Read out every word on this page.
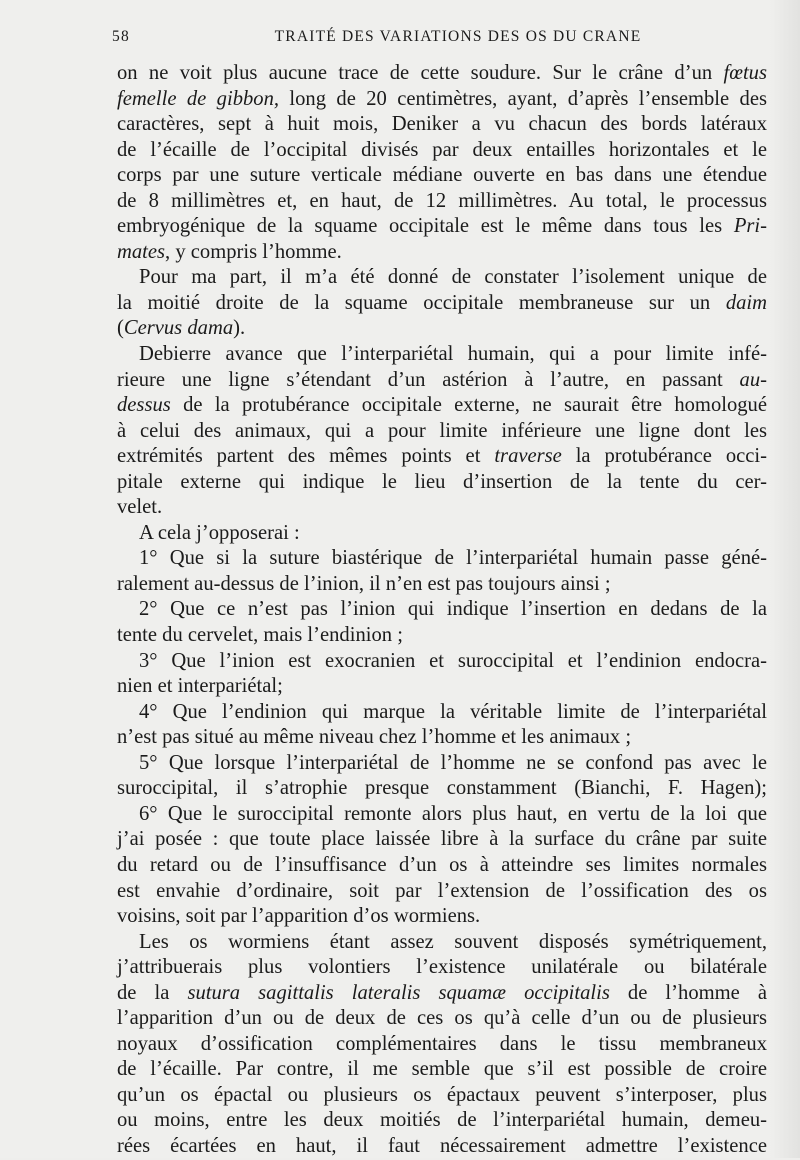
58	TRAITÉ DES VARIATIONS DES OS DU CRANE
on ne voit plus aucune trace de cette soudure. Sur le crâne d’un fœtus
femelle de gibbon, long de 20 centimètres, ayant, d’après l’ensemble des
caractères, sept à huit mois, Deniker a vu chacun des bords latéraux
de l’écaille de l’occipital divisés par deux entailles horizontales et le
corps par une suture verticale médiane ouverte en bas dans une étendue
de 8 millimètres et, en haut, de 12 millimètres. Au total, le processus
embryogénique de la squame occipitale est le même dans tous les Pri-
mates, y compris l’homme.
Pour ma part, il m’a été donné de constater l’isolement unique de
la moitié droite de la squame occipitale membraneuse sur un daim
(Cervus dama).
Debierre avance que l’interpariétal humain, qui a pour limite infé-
rieure une ligne s’étendant d’un astérion à l’autre, en passant au-
dessus de la protubérance occipitale externe, ne saurait être homologué
à celui des animaux, qui a pour limite inférieure une ligne dont les
extrémités partent des mêmes points et traverse la protubérance occi-
pitale externe qui indique le lieu d’insertion de la tente du cer-
velet.
A cela j’opposerai :
1° Que si la suture biastérique de l’interpariétal humain passe géné-
ralement au-dessus de l’inion, il n’en est pas toujours ainsi ;
2° Que ce n’est pas l’inion qui indique l’insertion en dedans de la
tente du cervelet, mais l’endinion ;
3° Que l’inion est exocranien et suroccipital et l’endinion endocra-
nien et interpariétal;
4° Que l’endinion qui marque la véritable limite de l’interpariétal
n’est pas situé au même niveau chez l’homme et les animaux ;
5° Que lorsque l’interpariétal de l’homme ne se confond pas avec le
suroccipital, il s’atrophie presque constamment (Bianchi, F. Hagen);
6° Que le suroccipital remonte alors plus haut, en vertu de la loi que
j’ai posée : que toute place laissée libre à la surface du crâne par suite
du retard ou de l’insuffisance d’un os à atteindre ses limites normales
est envahie d’ordinaire, soit par l’extension de l’ossification des os
voisins, soit par l’apparition d’os wormiens.
Les os wormiens étant assez souvent disposés symétriquement,
j’attribuerais plus volontiers l’existence unilatérale ou bilatérale
de la sutura sagittalis lateralis squamæ occipitalis de l’homme à
l’apparition d’un ou de deux de ces os qu’à celle d’un ou de plusieurs
noyaux d’ossification complémentaires dans le tissu membraneux
de l’écaille. Par contre, il me semble que s’il est possible de croire
qu’un os épactal ou plusieurs os épactaux peuvent s’interposer, plus
ou moins, entre les deux moitiés de l’interpariétal humain, demeu-
rées écartées en haut, il faut nécessairement admettre l’existence
